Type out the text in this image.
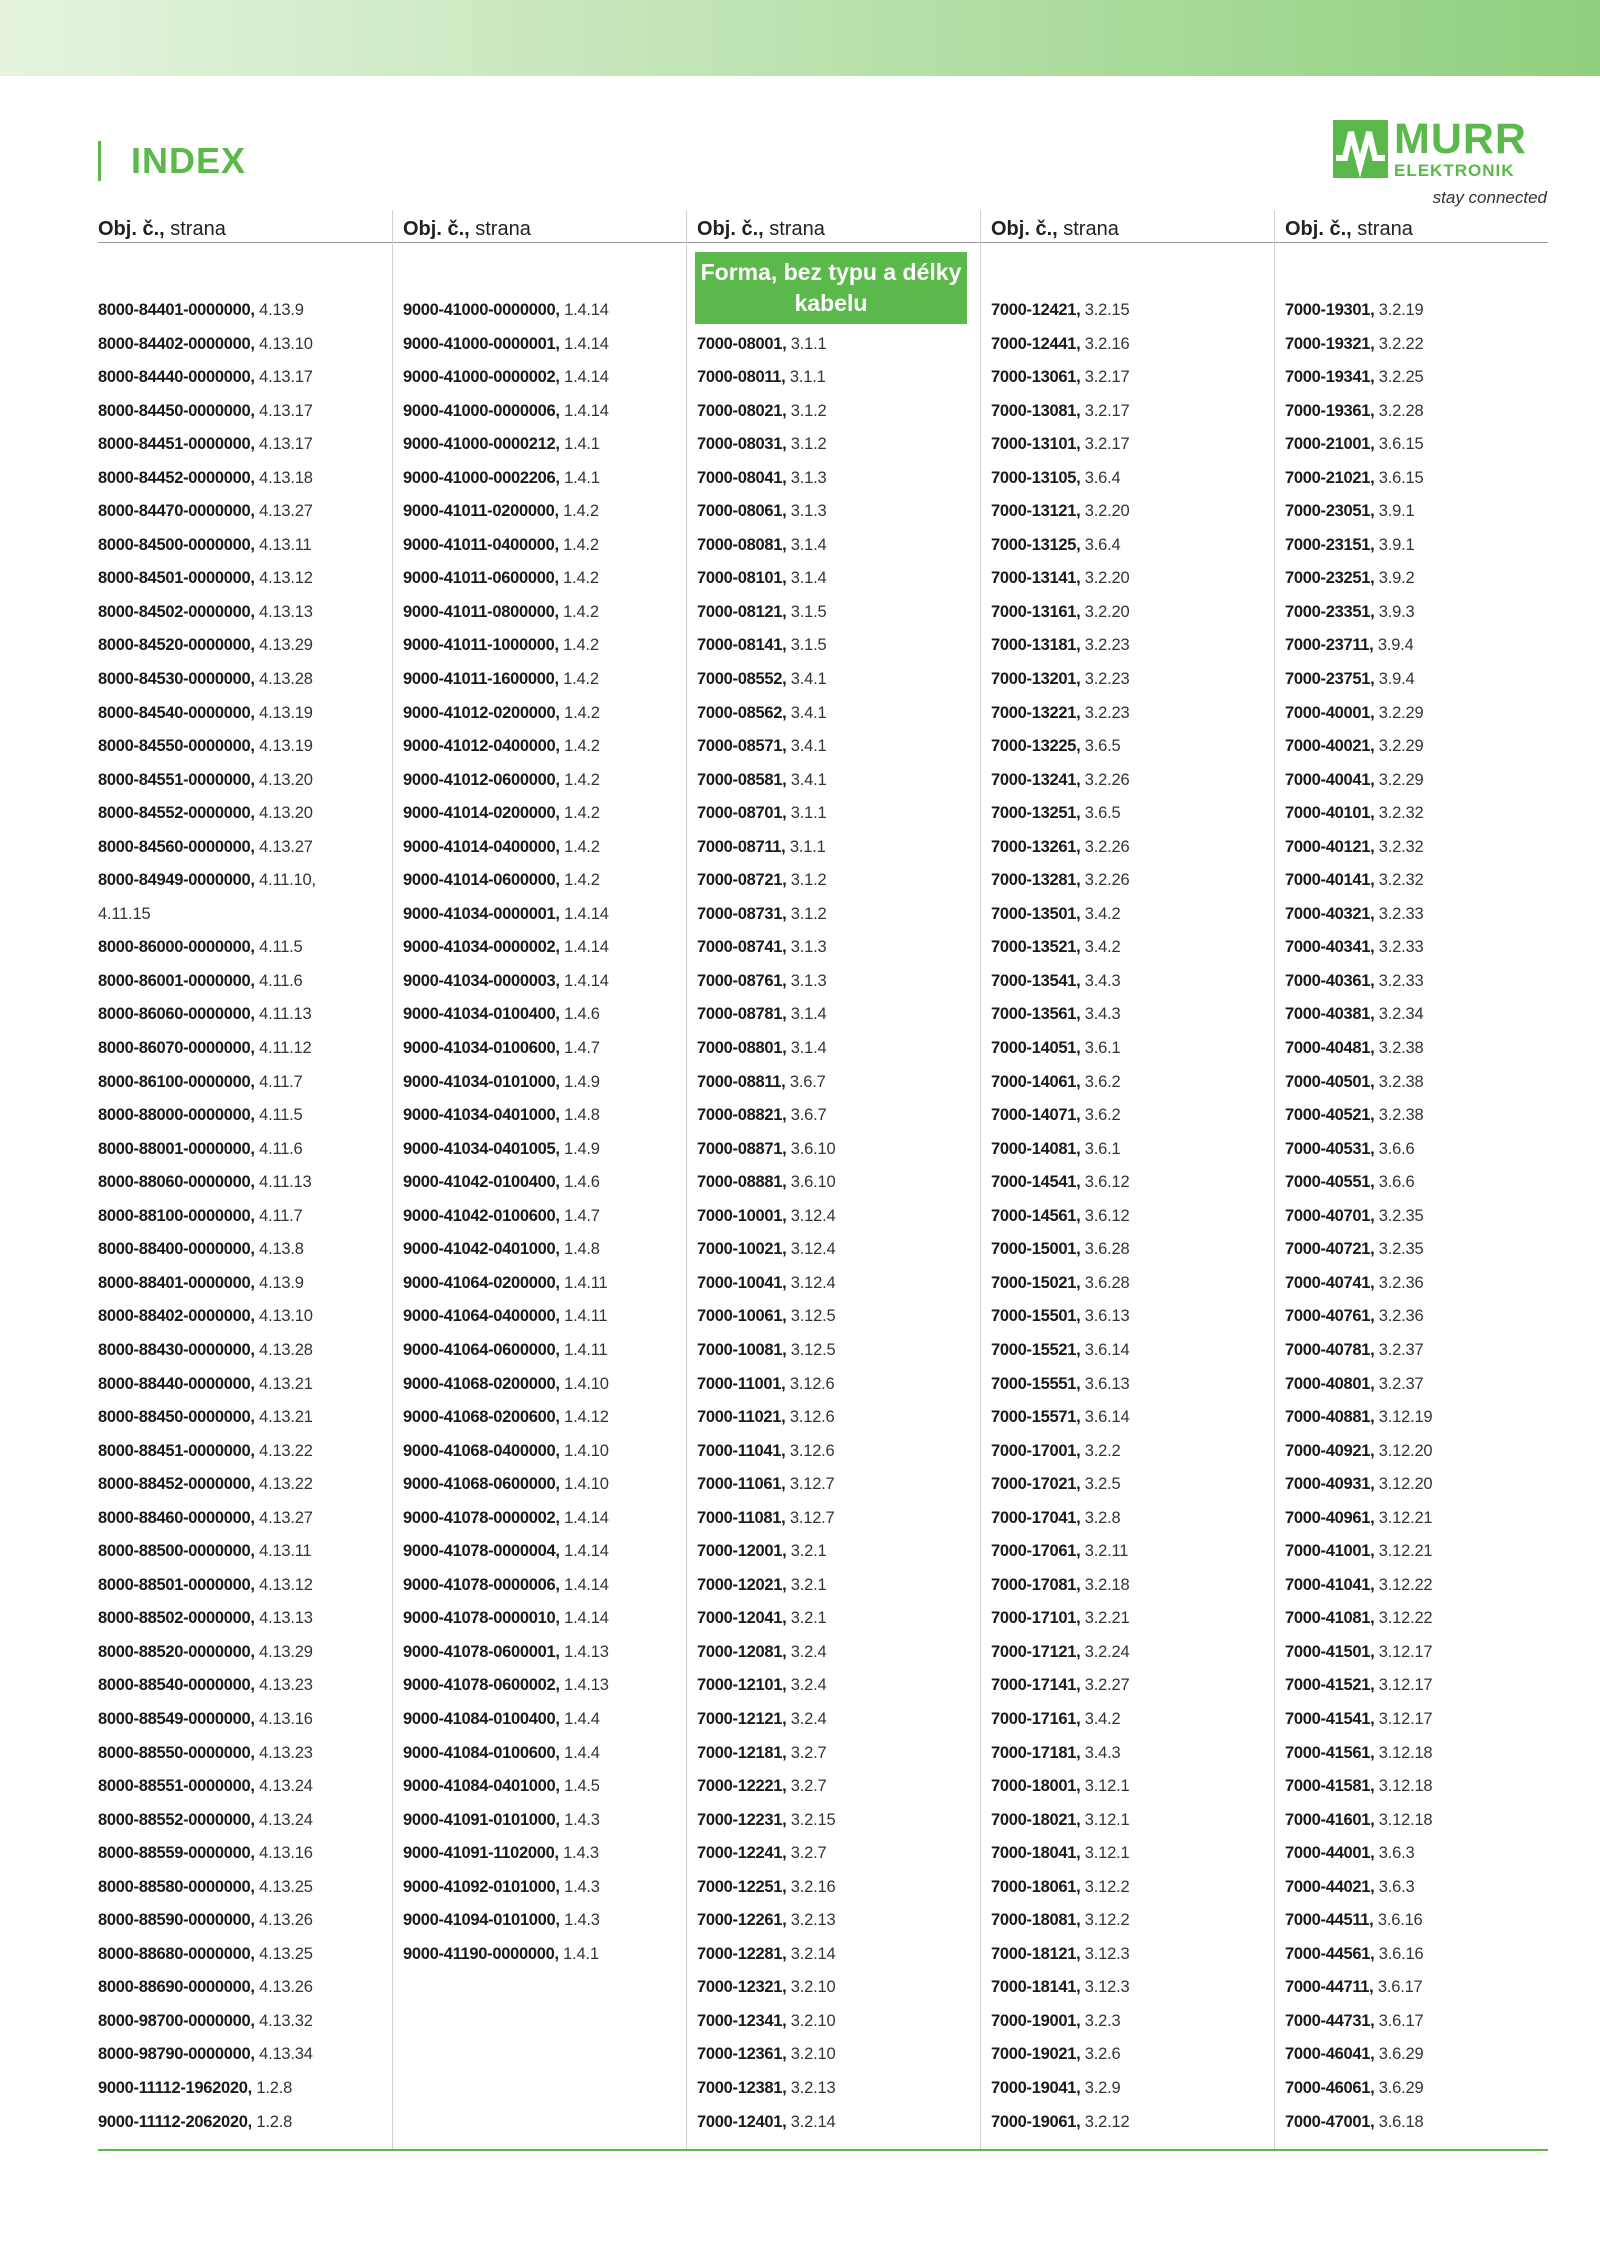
INDEX	MURR
ELEKTRONIK
stay connected
Obj. č., strana
8000-84401-0000000, 4.13.9
8000-84402-0000000, 4.13.10
8000-84440-0000000, 4.13.17
8000-84450-0000000, 4.13.17
8000-84451-0000000, 4.13.17
8000-84452-0000000, 4.13.18
8000-84470-0000000, 4.13.27
8000-84500-0000000, 4.13.11
8000-84501-0000000, 4.13.12
8000-84502-0000000, 4.13.13
8000-84520-0000000, 4.13.29
8000-84530-0000000, 4.13.28
8000-84540-0000000, 4.13.19
8000-84550-0000000, 4.13.19
8000-84551-0000000, 4.13.20
8000-84552-0000000, 4.13.20
8000-84560-0000000, 4.13.27
8000-84949-0000000, 4.11.10,
4.11.15
8000-86000-0000000, 4.11.5
8000-86001-0000000, 4.11.6
8000-86060-0000000, 4.11.13
8000-86070-0000000, 4.11.12
8000-86100-0000000, 4.11.7
8000-88000-0000000, 4.11.5
8000-88001-0000000, 4.11.6
8000-88060-0000000, 4.11.13
8000-88100-0000000, 4.11.7
8000-88400-0000000, 4.13.8
8000-88401-0000000, 4.13.9
8000-88402-0000000, 4.13.10
8000-88430-0000000, 4.13.28
8000-88440-0000000, 4.13.21
8000-88450-0000000, 4.13.21
8000-88451-0000000, 4.13.22
8000-88452-0000000, 4.13.22
8000-88460-0000000, 4.13.27
8000-88500-0000000, 4.13.11
8000-88501-0000000, 4.13.12
8000-88502-0000000, 4.13.13
8000-88520-0000000, 4.13.29
8000-88540-0000000, 4.13.23
8000-88549-0000000, 4.13.16
8000-88550-0000000, 4.13.23
8000-88551-0000000, 4.13.24
8000-88552-0000000, 4.13.24
8000-88559-0000000, 4.13.16
8000-88580-0000000, 4.13.25
8000-88590-0000000, 4.13.26
8000-88680-0000000, 4.13.25
8000-88690-0000000, 4.13.26
8000-98700-0000000, 4.13.32
8000-98790-0000000, 4.13.34
9000-11112-1962020, 1.2.8
9000-11112-2062020, 1.2.8
Obj. č., strana
9000-41000-0000000, 1.4.14
9000-41000-0000001, 1.4.14
9000-41000-0000002, 1.4.14
9000-41000-0000006, 1.4.14
9000-41000-0000212, 1.4.1
9000-41000-0002206, 1.4.1
9000-41011-0200000, 1.4.2
9000-41011-0400000, 1.4.2
9000-41011-0600000, 1.4.2
9000-41011-0800000, 1.4.2
9000-41011-1000000, 1.4.2
9000-41011-1600000, 1.4.2
9000-41012-0200000, 1.4.2
9000-41012-0400000, 1.4.2
9000-41012-0600000, 1.4.2
9000-41014-0200000, 1.4.2
9000-41014-0400000, 1.4.2
9000-41014-0600000, 1.4.2
9000-41034-0000001, 1.4.14
9000-41034-0000002, 1.4.14
9000-41034-0000003, 1.4.14
9000-41034-0100400, 1.4.6
9000-41034-0100600, 1.4.7
9000-41034-0101000, 1.4.9
9000-41034-0401000, 1.4.8
9000-41034-0401005, 1.4.9
9000-41042-0100400, 1.4.6
9000-41042-0100600, 1.4.7
9000-41042-0401000, 1.4.8
9000-41064-0200000, 1.4.11
9000-41064-0400000, 1.4.11
9000-41064-0600000, 1.4.11
9000-41068-0200000, 1.4.10
9000-41068-0200600, 1.4.12
9000-41068-0400000, 1.4.10
9000-41068-0600000, 1.4.10
9000-41078-0000002, 1.4.14
9000-41078-0000004, 1.4.14
9000-41078-0000006, 1.4.14
9000-41078-0000010, 1.4.14
9000-41078-0600001, 1.4.13
9000-41078-0600002, 1.4.13
9000-41084-0100400, 1.4.4
9000-41084-0100600, 1.4.4
9000-41084-0401000, 1.4.5
9000-41091-0101000, 1.4.3
9000-41091-1102000, 1.4.3
9000-41092-0101000, 1.4.3
9000-41094-0101000, 1.4.3
9000-41190-0000000, 1.4.1
Obj. č., strana
Forma, bez typu a délky kabelu
7000-08001, 3.1.1
7000-08011, 3.1.1
7000-08021, 3.1.2
7000-08031, 3.1.2
7000-08041, 3.1.3
7000-08061, 3.1.3
7000-08081, 3.1.4
7000-08101, 3.1.4
7000-08121, 3.1.5
7000-08141, 3.1.5
7000-08552, 3.4.1
7000-08562, 3.4.1
7000-08571, 3.4.1
7000-08581, 3.4.1
7000-08701, 3.1.1
7000-08711, 3.1.1
7000-08721, 3.1.2
7000-08731, 3.1.2
7000-08741, 3.1.3
7000-08761, 3.1.3
7000-08781, 3.1.4
7000-08801, 3.1.4
7000-08811, 3.6.7
7000-08821, 3.6.7
7000-08871, 3.6.10
7000-08881, 3.6.10
7000-10001, 3.12.4
7000-10021, 3.12.4
7000-10041, 3.12.4
7000-10061, 3.12.5
7000-10081, 3.12.5
7000-11001, 3.12.6
7000-11021, 3.12.6
7000-11041, 3.12.6
7000-11061, 3.12.7
7000-11081, 3.12.7
7000-12001, 3.2.1
7000-12021, 3.2.1
7000-12041, 3.2.1
7000-12081, 3.2.4
7000-12101, 3.2.4
7000-12121, 3.2.4
7000-12181, 3.2.7
7000-12221, 3.2.7
7000-12231, 3.2.15
7000-12241, 3.2.7
7000-12251, 3.2.16
7000-12261, 3.2.13
7000-12281, 3.2.14
7000-12321, 3.2.10
7000-12341, 3.2.10
7000-12361, 3.2.10
7000-12381, 3.2.13
7000-12401, 3.2.14
Obj. č., strana
7000-12421, 3.2.15
7000-12441, 3.2.16
7000-13061, 3.2.17
7000-13081, 3.2.17
7000-13101, 3.2.17
7000-13105, 3.6.4
7000-13121, 3.2.20
7000-13125, 3.6.4
7000-13141, 3.2.20
7000-13161, 3.2.20
7000-13181, 3.2.23
7000-13201, 3.2.23
7000-13221, 3.2.23
7000-13225, 3.6.5
7000-13241, 3.2.26
7000-13251, 3.6.5
7000-13261, 3.2.26
7000-13281, 3.2.26
7000-13501, 3.4.2
7000-13521, 3.4.2
7000-13541, 3.4.3
7000-13561, 3.4.3
7000-14051, 3.6.1
7000-14061, 3.6.2
7000-14071, 3.6.2
7000-14081, 3.6.1
7000-14541, 3.6.12
7000-14561, 3.6.12
7000-15001, 3.6.28
7000-15021, 3.6.28
7000-15501, 3.6.13
7000-15521, 3.6.14
7000-15551, 3.6.13
7000-15571, 3.6.14
7000-17001, 3.2.2
7000-17021, 3.2.5
7000-17041, 3.2.8
7000-17061, 3.2.11
7000-17081, 3.2.18
7000-17101, 3.2.21
7000-17121, 3.2.24
7000-17141, 3.2.27
7000-17161, 3.4.2
7000-17181, 3.4.3
7000-18001, 3.12.1
7000-18021, 3.12.1
7000-18041, 3.12.1
7000-18061, 3.12.2
7000-18081, 3.12.2
7000-18121, 3.12.3
7000-18141, 3.12.3
7000-19001, 3.2.3
7000-19021, 3.2.6
7000-19041, 3.2.9
7000-19061, 3.2.12
Obj. č., strana
7000-19301, 3.2.19
7000-19321, 3.2.22
7000-19341, 3.2.25
7000-19361, 3.2.28
7000-21001, 3.6.15
7000-21021, 3.6.15
7000-23051, 3.9.1
7000-23151, 3.9.1
7000-23251, 3.9.2
7000-23351, 3.9.3
7000-23711, 3.9.4
7000-23751, 3.9.4
7000-40001, 3.2.29
7000-40021, 3.2.29
7000-40041, 3.2.29
7000-40101, 3.2.32
7000-40121, 3.2.32
7000-40141, 3.2.32
7000-40321, 3.2.33
7000-40341, 3.2.33
7000-40361, 3.2.33
7000-40381, 3.2.34
7000-40481, 3.2.38
7000-40501, 3.2.38
7000-40521, 3.2.38
7000-40531, 3.6.6
7000-40551, 3.6.6
7000-40701, 3.2.35
7000-40721, 3.2.35
7000-40741, 3.2.36
7000-40761, 3.2.36
7000-40781, 3.2.37
7000-40801, 3.2.37
7000-40881, 3.12.19
7000-40921, 3.12.20
7000-40931, 3.12.20
7000-40961, 3.12.21
7000-41001, 3.12.21
7000-41041, 3.12.22
7000-41081, 3.12.22
7000-41501, 3.12.17
7000-41521, 3.12.17
7000-41541, 3.12.17
7000-41561, 3.12.18
7000-41581, 3.12.18
7000-41601, 3.12.18
7000-44001, 3.6.3
7000-44021, 3.6.3
7000-44511, 3.6.16
7000-44561, 3.6.16
7000-44711, 3.6.17
7000-44731, 3.6.17
7000-46041, 3.6.29
7000-46061, 3.6.29
7000-47001, 3.6.18
